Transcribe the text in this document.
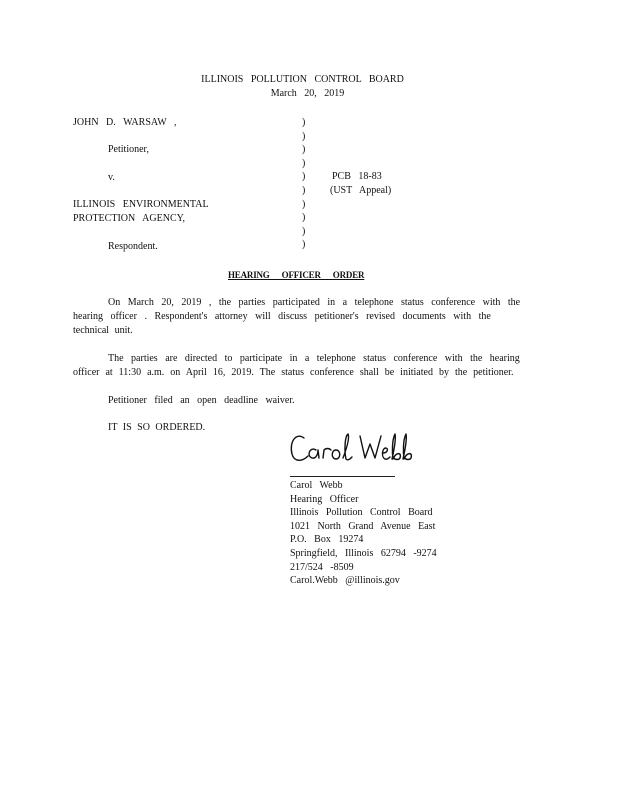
ILLINOIS POLLUTION CONTROL BOARD
March 20, 2019
JOHN D. WARSAW ,
Petitioner,
v.
ILLINOIS ENVIRONMENTAL
PROTECTION AGENCY,
Respondent.
)
)
)
)
)
)
)
)
)
)
PCB 18-83
(UST Appeal)
HEARING OFFICER ORDER
On March 20, 2019 , the parties participated in a telephone status conference with the
hearing officer . Respondent's attorney will discuss petitioner's revised documents with the
technical unit.
The parties are directed to participate in a telephone status conference with the hearing
officer at 11:30 a.m. on April 16, 2019. The status conference shall be initiated by the petitioner.
Petitioner filed an open deadline waiver.
IT IS SO ORDERED.
Carol Webb
Hearing Officer
Illinois Pollution Control Board
1021 North Grand Avenue East
P.O. Box 19274
Springfield, Illinois 62794 -9274
217/524 -8509
Carol.Webb @illinois.gov
